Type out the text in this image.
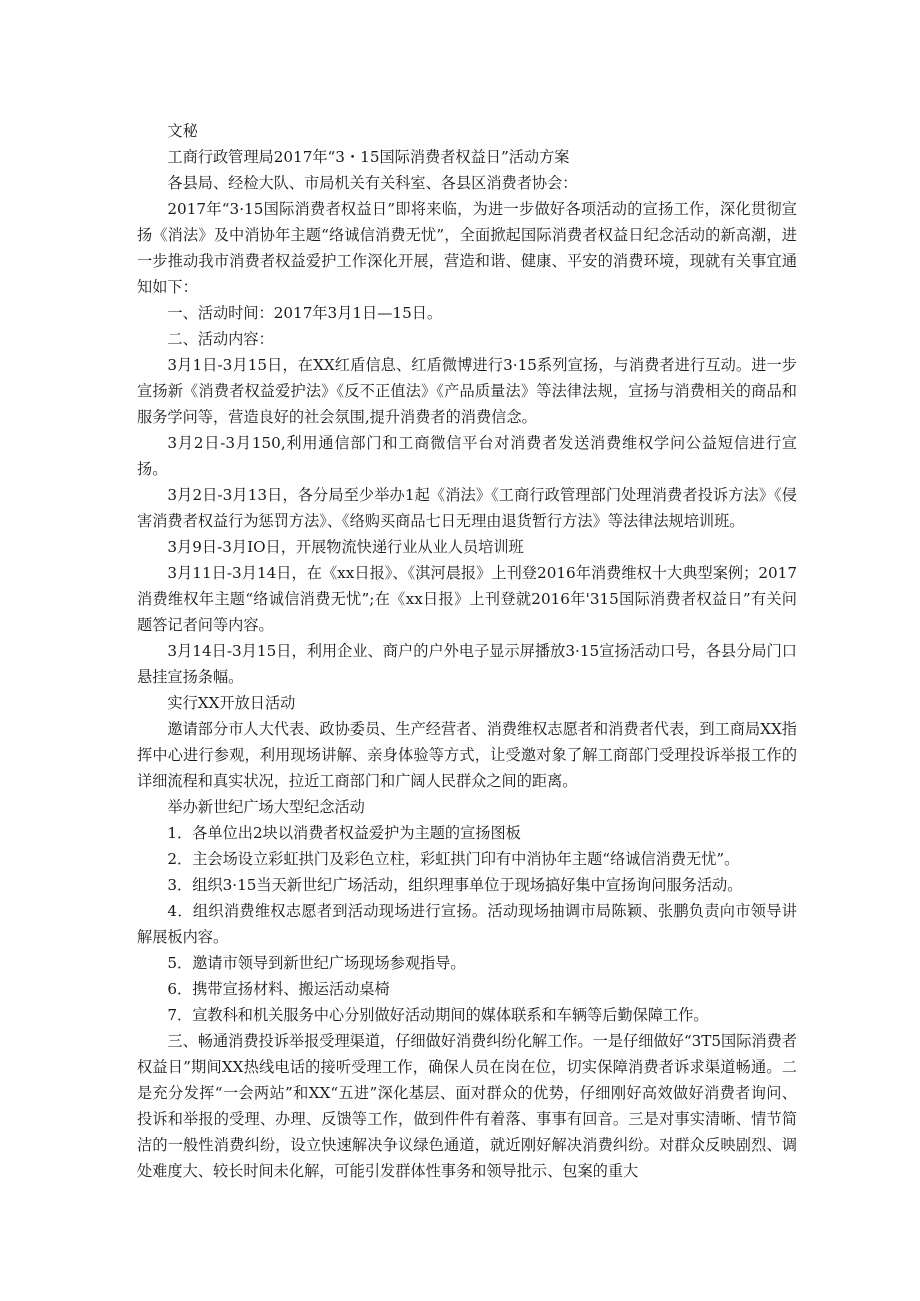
文秘

工商行政管理局2017年“3・15国际消费者权益日”活动方案

各县局、经检大队、市局机关有关科室、各县区消费者协会：

2017年“3·15国际消费者权益日”即将来临，为进一步做好各项活动的宣扬工作，深化贯彻宣扬《消法》及中消协年主题“络诚信消费无忧”，全面掀起国际消费者权益日纪念活动的新高潮，进一步推动我市消费者权益爱护工作深化开展，营造和谐、健康、平安的消费环境，现就有关事宜通知如下：

一、活动时间：2017年3月1日—15日。

二、活动内容：

3月1日-3月15日，在XX红盾信息、红盾微博进行3·15系列宣扬，与消费者进行互动。进一步宣扬新《消费者权益爱护法》《反不正值法》《产品质量法》等法律法规，宣扬与消费相关的商品和服务学问等，营造良好的社会氛围,提升消费者的消费信念。

3月2日-3月150,利用通信部门和工商微信平台对消费者发送消费维权学问公益短信进行宣扬。

3月2日-3月13日，各分局至少举办1起《消法》《工商行政管理部门处理消费者投诉方法》《侵害消费者权益行为惩罚方法》、《络购买商品七日无理由退货暂行方法》等法律法规培训班。

3月9日-3月IO日，开展物流快递行业从业人员培训班

3月11日-3月14日，在《xx日报》、《淇河晨报》上刊登2016年消费维权十大典型案例；2017消费维权年主题“络诚信消费无忧”;在《xx日报》上刊登就2016年'315国际消费者权益日”有关问题答记者问等内容。

3月14日-3月15日，利用企业、商户的户外电子显示屏播放3·15宣扬活动口号，各县分局门口悬挂宣扬条幅。

实行XX开放日活动

邀请部分市人大代表、政协委员、生产经营者、消费维权志愿者和消费者代表，到工商局XX指挥中心进行参观，利用现场讲解、亲身体验等方式，让受邀对象了解工商部门受理投诉举报工作的详细流程和真实状况，拉近工商部门和广阔人民群众之间的距离。

举办新世纪广场大型纪念活动

1．各单位出2块以消费者权益爱护为主题的宣扬图板

2．主会场设立彩虹拱门及彩色立柱，彩虹拱门印有中消协年主题“络诚信消费无忧”。

3．组织3·15当天新世纪广场活动，组织理事单位于现场搞好集中宣扬询问服务活动。

4．组织消费维权志愿者到活动现场进行宣扬。活动现场抽调市局陈颖、张鹏负责向市领导讲解展板内容。

5．邀请市领导到新世纪广场现场参观指导。

6．携带宣扬材料、搬运活动桌椅

7．宣教科和机关服务中心分别做好活动期间的媒体联系和车辆等后勤保障工作。

三、畅通消费投诉举报受理渠道，仔细做好消费纠纷化解工作。一是仔细做好“3T5国际消费者权益日”期间XX热线电话的接听受理工作，确保人员在岗在位，切实保障消费者诉求渠道畅通。二是充分发挥“一会两站”和XX“五进”深化基层、面对群众的优势，仔细刚好高效做好消费者询问、投诉和举报的受理、办理、反馈等工作，做到件件有着落、事事有回音。三是对事实清晰、情节简洁的一般性消费纠纷，设立快速解决争议绿色通道，就近刚好解决消费纠纷。对群众反映剧烈、调处难度大、较长时间未化解，可能引发群体性事务和领导批示、包案的重大
